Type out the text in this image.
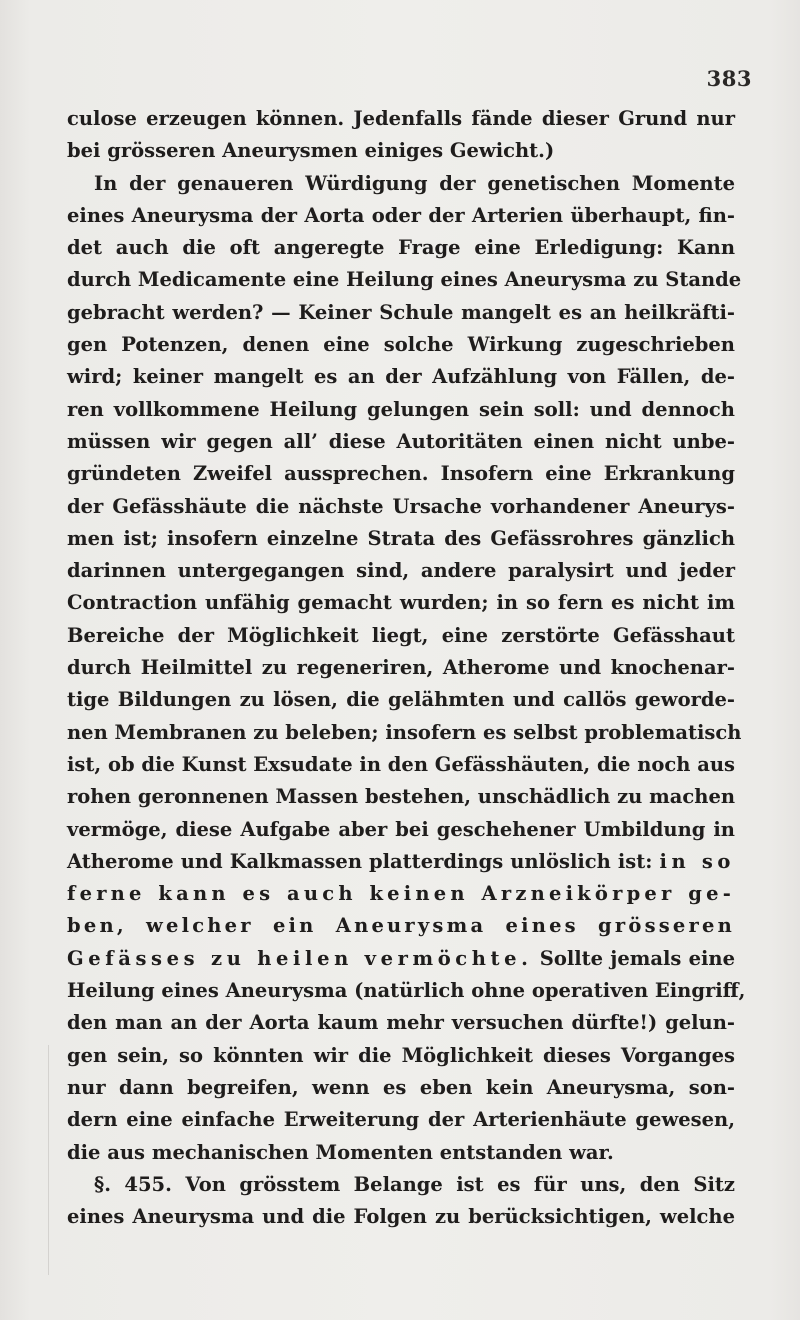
383
culose erzeugen können. Jedenfalls fände dieser Grund nur
bei grösseren Aneurysmen einiges Gewicht.)
In der genaueren Würdigung der genetischen Momente
eines Aneurysma der Aorta oder der Arterien überhaupt, fin-
det auch die oft angeregte Frage eine Erledigung: Kann
durch Medicamente eine Heilung eines Aneurysma zu Stande
gebracht werden? — Keiner Schule mangelt es an heilkräfti-
gen Potenzen, denen eine solche Wirkung zugeschrieben
wird; keiner mangelt es an der Aufzählung von Fällen, de-
ren vollkommene Heilung gelungen sein soll: und dennoch
müssen wir gegen all’ diese Autoritäten einen nicht unbe-
gründeten Zweifel aussprechen. Insofern eine Erkrankung
der Gefässhäute die nächste Ursache vorhandener Aneurys-
men ist; insofern einzelne Strata des Gefässrohres gänzlich
darinnen untergegangen sind, andere paralysirt und jeder
Contraction unfähig gemacht wurden; in so fern es nicht im
Bereiche der Möglichkeit liegt, eine zerstörte Gefässhaut
durch Heilmittel zu regeneriren, Atherome und knochenar-
tige Bildungen zu lösen, die gelähmten und callös geworde-
nen Membranen zu beleben; insofern es selbst problematisch
ist, ob die Kunst Exsudate in den Gefässhäuten, die noch aus
rohen geronnenen Massen bestehen, unschädlich zu machen
vermöge, diese Aufgabe aber bei geschehener Umbildung in
Atherome und Kalkmassen platterdings unlöslich ist: in so
ferne kann es auch keinen Arzneikörper ge-
ben, welcher ein Aneurysma eines grösseren
Gefässes zu heilen vermöchte. Sollte jemals eine
Heilung eines Aneurysma (natürlich ohne operativen Eingriff,
den man an der Aorta kaum mehr versuchen dürfte!) gelun-
gen sein, so könnten wir die Möglichkeit dieses Vorganges
nur dann begreifen, wenn es eben kein Aneurysma, son-
dern eine einfache Erweiterung der Arterienhäute gewesen,
die aus mechanischen Momenten entstanden war.
§. 455. Von grösstem Belange ist es für uns, den Sitz
eines Aneurysma und die Folgen zu berücksichtigen, welche
